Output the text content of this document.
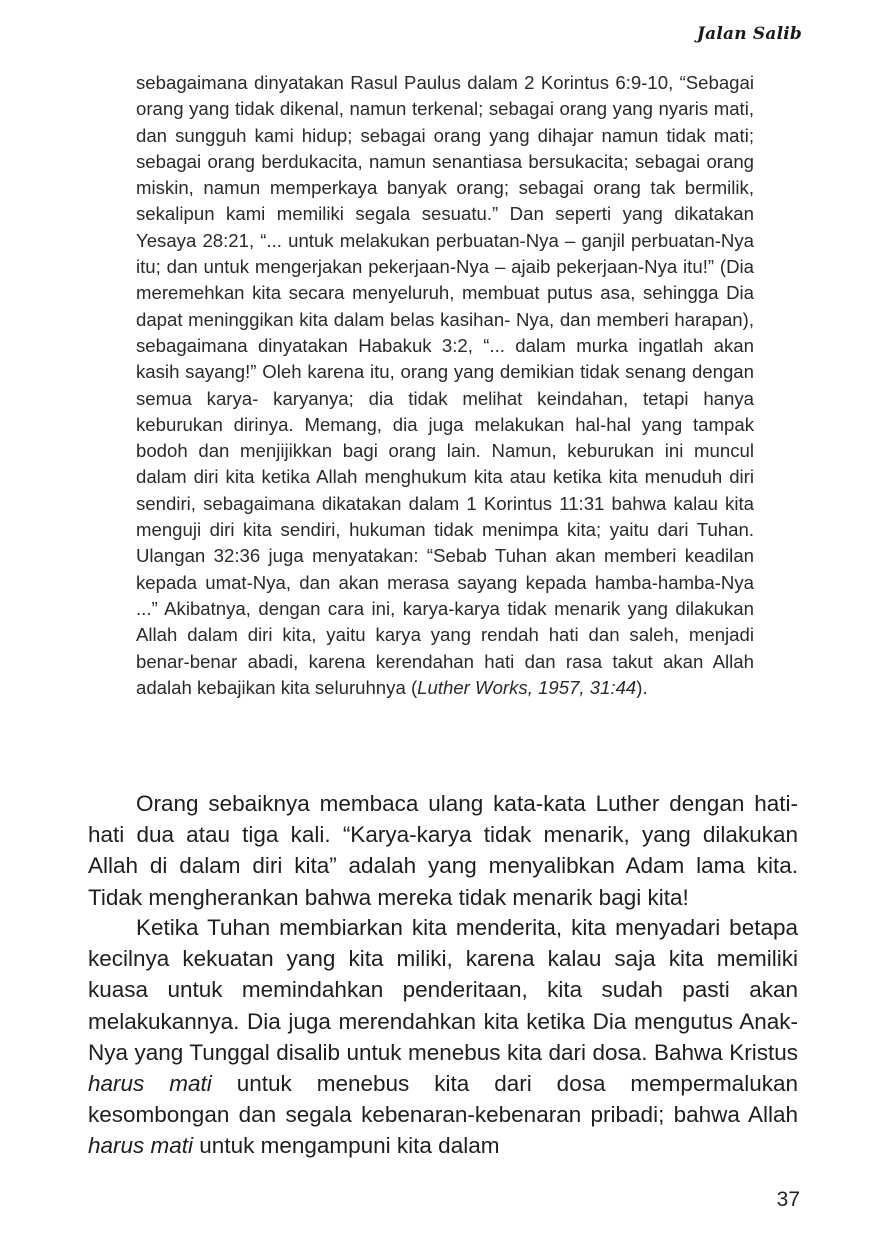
Jalan Salib

sebagaimana dinyatakan Rasul Paulus dalam 2 Korintus 6:9-10, “Sebagai orang yang tidak dikenal, namun terkenal; sebagai orang yang nyaris mati, dan sungguh kami hidup; sebagai orang yang dihajar namun tidak mati; sebagai orang berdukacita, namun senantiasa bersukacita; sebagai orang miskin, namun memperkaya banyak orang; sebagai orang tak bermilik, sekalipun kami memiliki segala sesuatu.” Dan seperti yang dikatakan Yesaya 28:21, “... untuk melakukan perbuatan-Nya – ganjil perbuatan-Nya itu; dan untuk mengerjakan pekerjaan-Nya – ajaib pekerjaan-Nya itu!” (Dia meremehkan kita secara menyeluruh, membuat putus asa, sehingga Dia dapat meninggikan kita dalam belas kasihan- Nya, dan memberi harapan), sebagaimana dinyatakan Habakuk 3:2, “... dalam murka ingatlah akan kasih sayang!” Oleh karena itu, orang yang demikian tidak senang dengan semua karya- karyanya; dia tidak melihat keindahan, tetapi hanya keburukan dirinya. Memang, dia juga melakukan hal-hal yang tampak bodoh dan menjijikkan bagi orang lain. Namun, keburukan ini muncul dalam diri kita ketika Allah menghukum kita atau ketika kita menuduh diri sendiri, sebagaimana dikatakan dalam 1 Korintus 11:31 bahwa kalau kita menguji diri kita sendiri, hukuman tidak menimpa kita; yaitu dari Tuhan. Ulangan 32:36 juga menyatakan: “Sebab Tuhan akan memberi keadilan kepada umat-Nya, dan akan merasa sayang kepada hamba-hamba-Nya ...” Akibatnya, dengan cara ini, karya-karya tidak menarik yang dilakukan Allah dalam diri kita, yaitu karya yang rendah hati dan saleh, menjadi benar-benar abadi, karena kerendahan hati dan rasa takut akan Allah adalah kebajikan kita seluruhnya (Luther Works, 1957, 31:44).

Orang sebaiknya membaca ulang kata-kata Luther dengan hati-hati dua atau tiga kali. “Karya-karya tidak menarik, yang dilakukan Allah di dalam diri kita” adalah yang menyalibkan Adam lama kita. Tidak mengherankan bahwa mereka tidak menarik bagi kita!

Ketika Tuhan membiarkan kita menderita, kita menyadari betapa kecilnya kekuatan yang kita miliki, karena kalau saja kita memiliki kuasa untuk memindahkan penderitaan, kita sudah pasti akan melakukannya. Dia juga merendahkan kita ketika Dia mengutus Anak-Nya yang Tunggal disalib untuk menebus kita dari dosa. Bahwa Kristus harus mati untuk menebus kita dari dosa mempermalukan kesombongan dan segala kebenaran-kebenaran pribadi; bahwa Allah harus mati untuk mengampuni kita dalam

37
